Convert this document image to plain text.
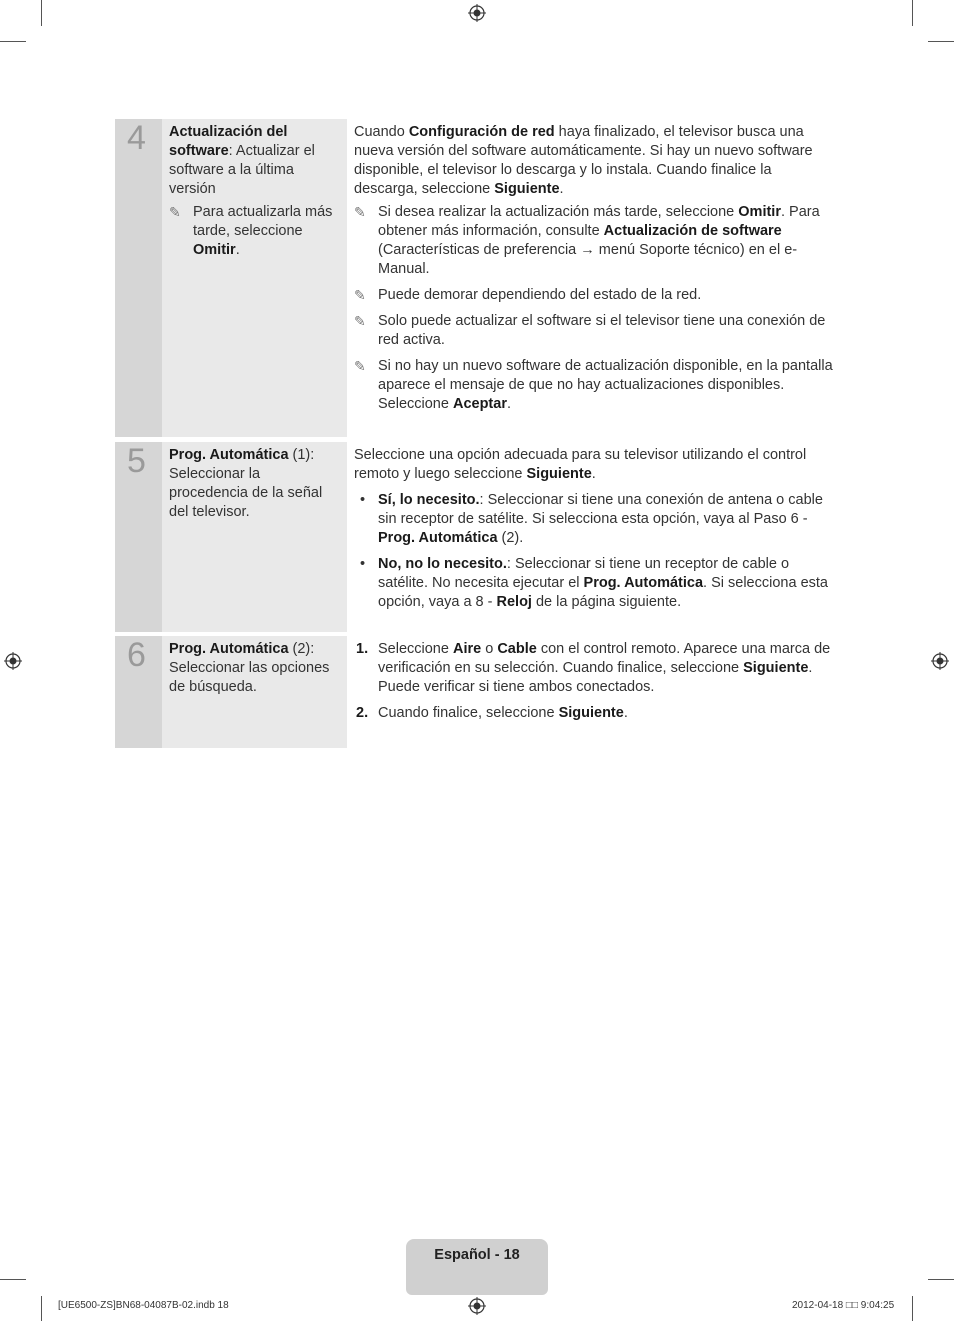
4 Actualización del software: Actualizar el software a la última versión
✎ Para actualizarla más tarde, seleccione Omitir.

Cuando Configuración de red haya finalizado, el televisor busca una nueva versión del software automáticamente. Si hay un nuevo software disponible, el televisor lo descarga y lo instala. Cuando finalice la descarga, seleccione Siguiente.

✎ Si desea realizar la actualización más tarde, seleccione Omitir. Para obtener más información, consulte Actualización de software (Características de preferencia → menú Soporte técnico) en el e-Manual.
✎ Puede demorar dependiendo del estado de la red.
✎ Solo puede actualizar el software si el televisor tiene una conexión de red activa.
✎ Si no hay un nuevo software de actualización disponible, en la pantalla aparece el mensaje de que no hay actualizaciones disponibles. Seleccione Aceptar.
5 Prog. Automática (1): Seleccionar la procedencia de la señal del televisor.

Seleccione una opción adecuada para su televisor utilizando el control remoto y luego seleccione Siguiente.

• Sí, lo necesito.: Seleccionar si tiene una conexión de antena o cable sin receptor de satélite. Si selecciona esta opción, vaya al Paso 6 - Prog. Automática (2).
• No, no lo necesito.: Seleccionar si tiene un receptor de cable o satélite. No necesita ejecutar el Prog. Automática. Si selecciona esta opción, vaya a 8 - Reloj de la página siguiente.
6 Prog. Automática (2): Seleccionar las opciones de búsqueda.
1. Seleccione Aire o Cable con el control remoto. Aparece una marca de verificación en su selección. Cuando finalice, seleccione Siguiente. Puede verificar si tiene ambos conectados.
2. Cuando finalice, seleccione Siguiente.
Español - 18
[UE6500-ZS]BN68-04087B-02.indb 18	2012-04-18 □□ 9:04:25
